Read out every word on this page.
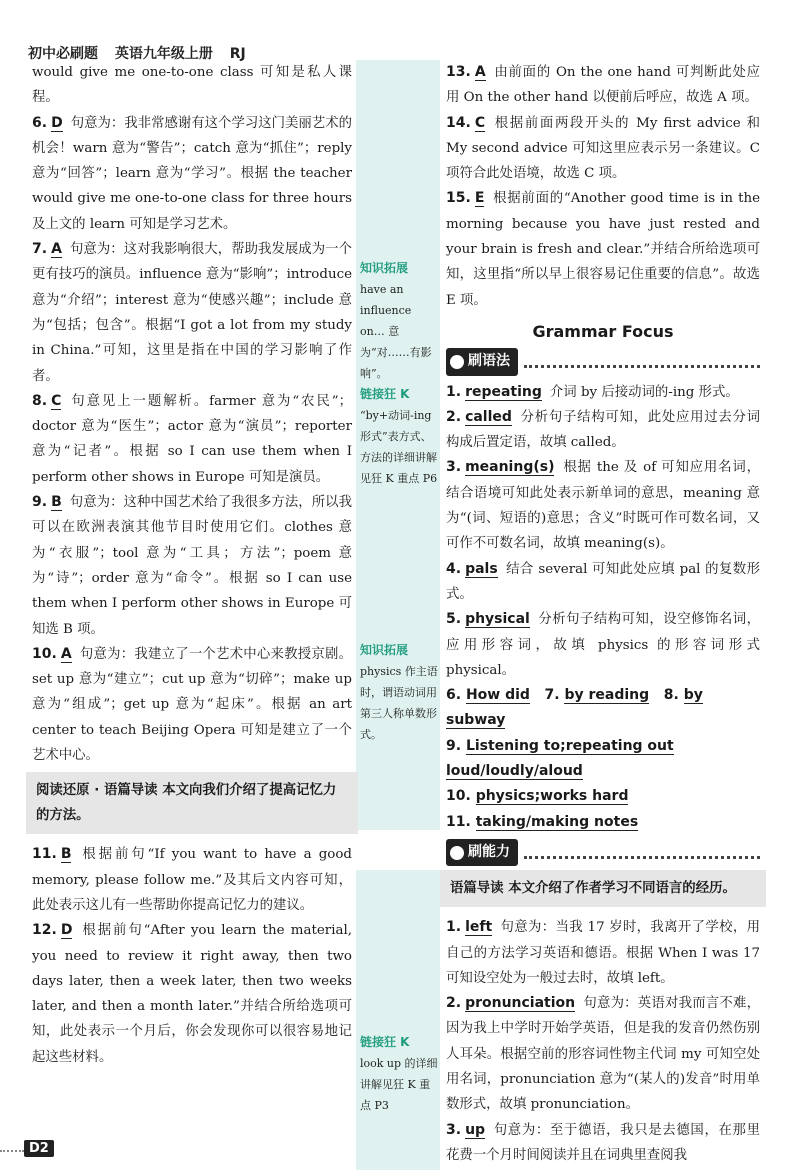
初中必刷题 英语九年级上册 RJ

would give me one-to-one class 可知是私人课程。

6. D 句意为：我非常感谢有这个学习这门美丽艺术的机会！warn 意为“警告”；catch 意为“抓住”；reply 意为“回答”；learn 意为“学习”。根据 the teacher would give me one-to-one class for three hours 及上文的 learn 可知是学习艺术。

7. A 句意为：这对我影响很大，帮助我发展成为一个更有技巧的演员。influence 意为“影响”；introduce 意为“介绍”；interest 意为“使感兴趣”；include 意为“包括；包含”。根据“I got a lot from my study in China.”可知，这里是指在中国的学习影响了作者。

8. C 句意见上一题解析。farmer 意为“农民”；doctor 意为“医生”；actor 意为“演员”；reporter 意为“记者”。根据 so I can use them when I perform other shows in Europe 可知是演员。

9. B 句意为：这种中国艺术给了我很多方法，所以我可以在欧洲表演其他节目时使用它们。clothes 意为“衣服”；tool 意为“工具；方法”；poem 意为“诗”；order 意为“命令”。根据 so I can use them when I perform other shows in Europe 可知选 B 项。

10. A 句意为：我建立了一个艺术中心来教授京剧。set up 意为“建立”；cut up 意为“切碎”；make up 意为“组成”；get up 意为“起床”。根据 an art center to teach Beijing Opera 可知是建立了一个艺术中心。

阅读还原 · 语篇导读 本文向我们介绍了提高记忆力的方法。

11. B 根据前句“If you want to have a good memory, please follow me.”及其后文内容可知，此处表示这儿有一些帮助你提高记忆力的建议。

12. D 根据前句“After you learn the material, you need to review it right away, then two days later, then a week later, then two weeks later, and then a month later.”并结合所给选项可知，此处表示一个月后，你会发现你可以很容易地记起这些材料。

知识拓展
have an influence on… 意为“对……有影响”。
链接狂 K
“by+动词-ing 形式”表方式、方法的详细讲解见狂 K 重点 P6
知识拓展
physics 作主语时，谓语动词用第三人称单数形式。
链接狂 K
look up 的详细讲解见狂 K 重点 P3

13. A 由前面的 On the one hand 可判断此处应用 On the other hand 以便前后呼应，故选 A 项。

14. C 根据前面两段开头的 My first advice 和 My second advice 可知这里应表示另一条建议。C 项符合此处语境，故选 C 项。

15. E 根据前面的“Another good time is in the morning because you have just rested and your brain is fresh and clear.”并结合所给选项可知，这里指“所以早上很容易记住重要的信息”。故选 E 项。

Grammar Focus
刷语法

1. repeating 介词 by 后接动词的-ing 形式。

2. called 分析句子结构可知，此处应用过去分词构成后置定语，故填 called。

3. meaning(s) 根据 the 及 of 可知应用名词，结合语境可知此处表示新单词的意思，meaning 意为“(词、短语的)意思；含义”时既可作可数名词，又可作不可数名词，故填 meaning(s)。

4. pals 结合 several 可知此处应填 pal 的复数形式。

5. physical 分析句子结构可知，设空修饰名词，应用形容词，故填 physics 的形容词形式 physical。

6. How did 7. by reading 8. by subway
9. Listening to;repeating out loud/loudly/aloud
10. physics;works hard
11. taking/making notes
刷能力
语篇导读 本文介绍了作者学习不同语言的经历。

1. left 句意为：当我 17 岁时，我离开了学校，用自己的方法学习英语和德语。根据 When I was 17 可知设空处为一般过去时，故填 left。

2. pronunciation 句意为：英语对我而言不难，因为我上中学时开始学英语，但是我的发音仍然伤别人耳朵。根据空前的形容词性物主代词 my 可知空处用名词，pronunciation 意为“(某人的)发音”时用单数形式，故填 pronunciation。

3. up 句意为：至于德语，我只是去德国，在那里花费一个月时间阅读并且在词典里查阅我

D2
